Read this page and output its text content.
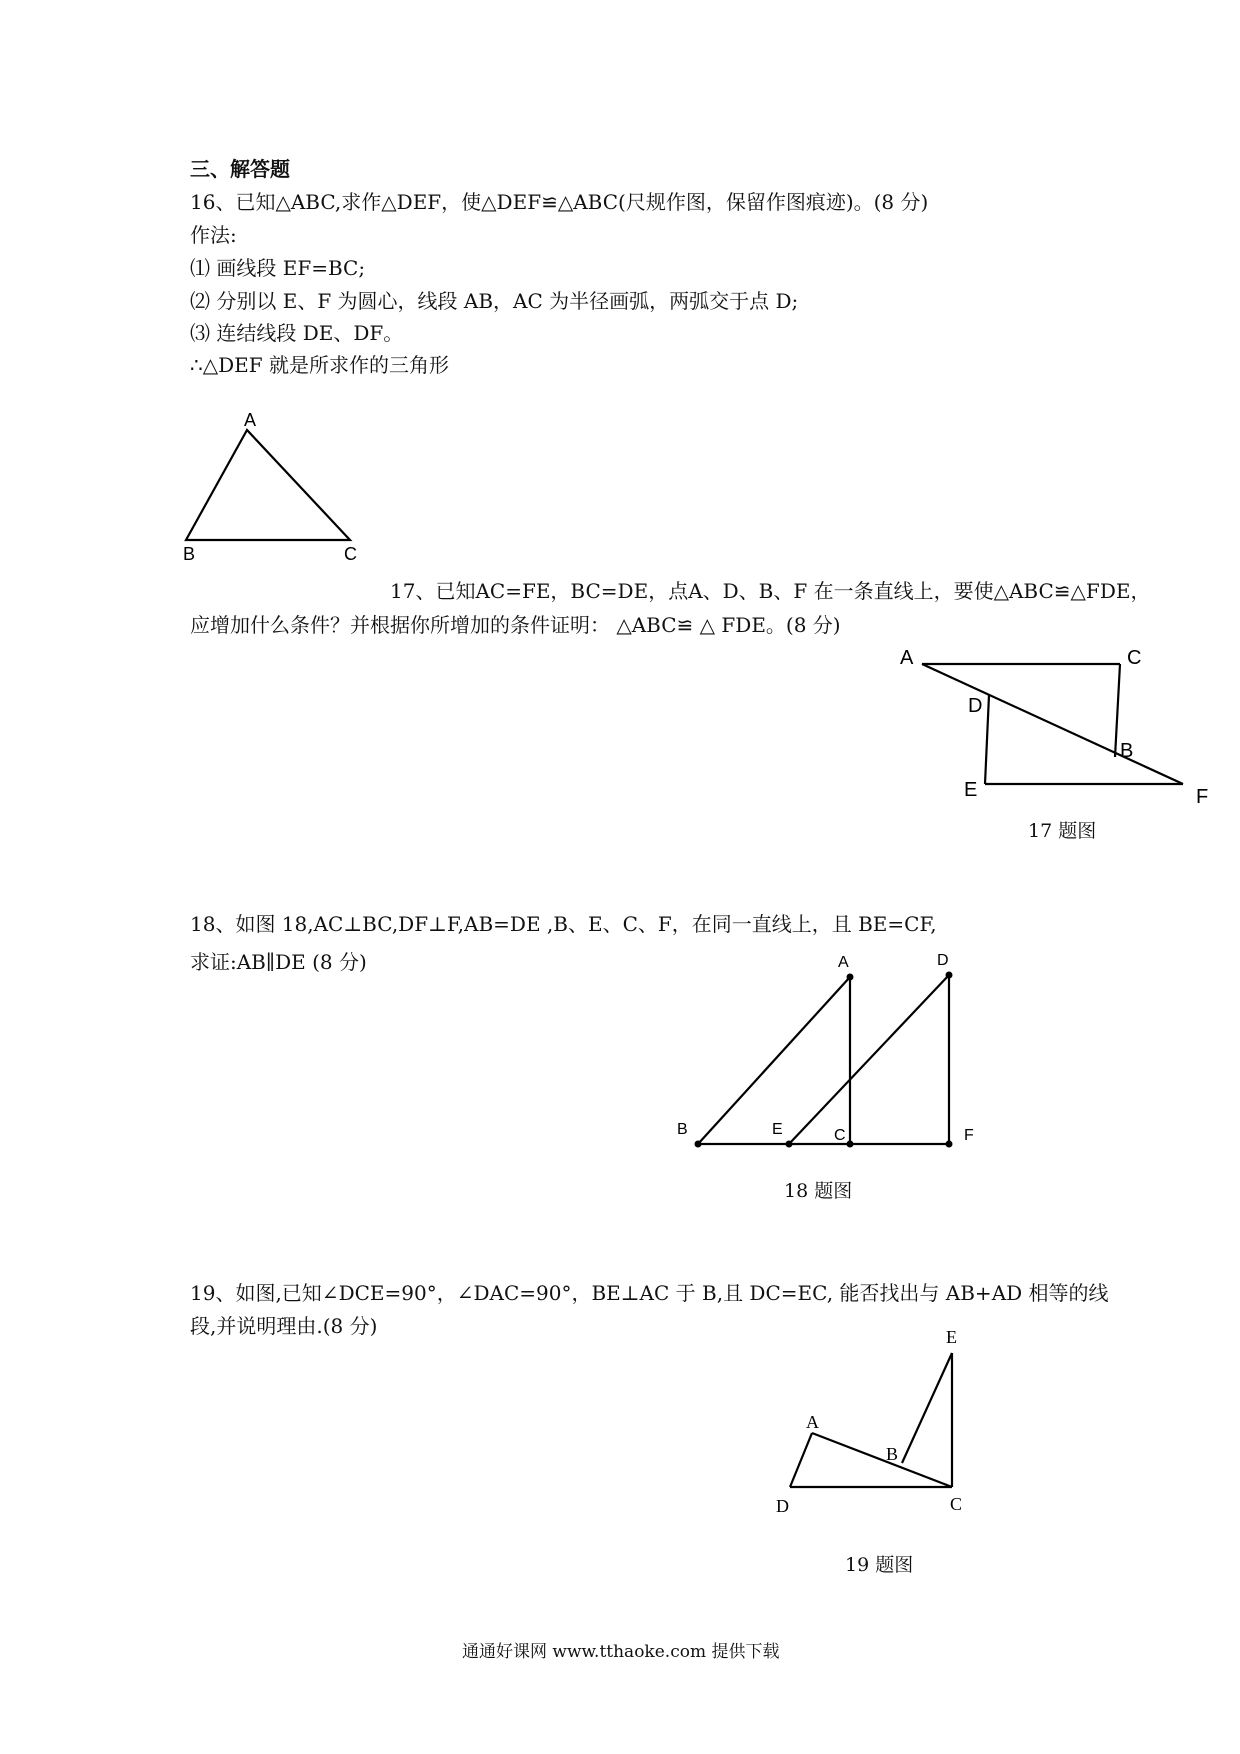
三、解答题
16、已知△ABC,求作△DEF，使△DEF≌△ABC(尺规作图，保留作图痕迹)。(8 分)
作法:
⑴ 画线段 EF=BC;
⑵ 分别以 E、F 为圆心，线段 AB，AC 为半径画弧，两弧交于点 D;
⑶ 连结线段 DE、DF。
∴△DEF 就是所求作的三角形
A
B	C
17、已知AC=FE，BC=DE，点A、D、B、F 在一条直线上，要使△ABC≌△FDE，
应增加什么条件？并根据你所增加的条件证明： △ABC≌ △ FDE。(8 分)
A	C
D
B
E	F
17 题图
18、如图 18,AC⊥BC,DF⊥F,AB=DE ,B、E、C、F，在同一直线上，且 BE=CF,
求证:AB∥DE (8 分)	A	D
B	E	C	F
18 题图
19、如图,已知∠DCE=90°，∠DAC=90°，BE⊥AC 于 B,且 DC=EC, 能否找出与 AB+AD 相等的线
段,并说明理由.(8 分)	E
A
B
D	C
19 题图
通通好课网 www.tthaoke.com 提供下载
